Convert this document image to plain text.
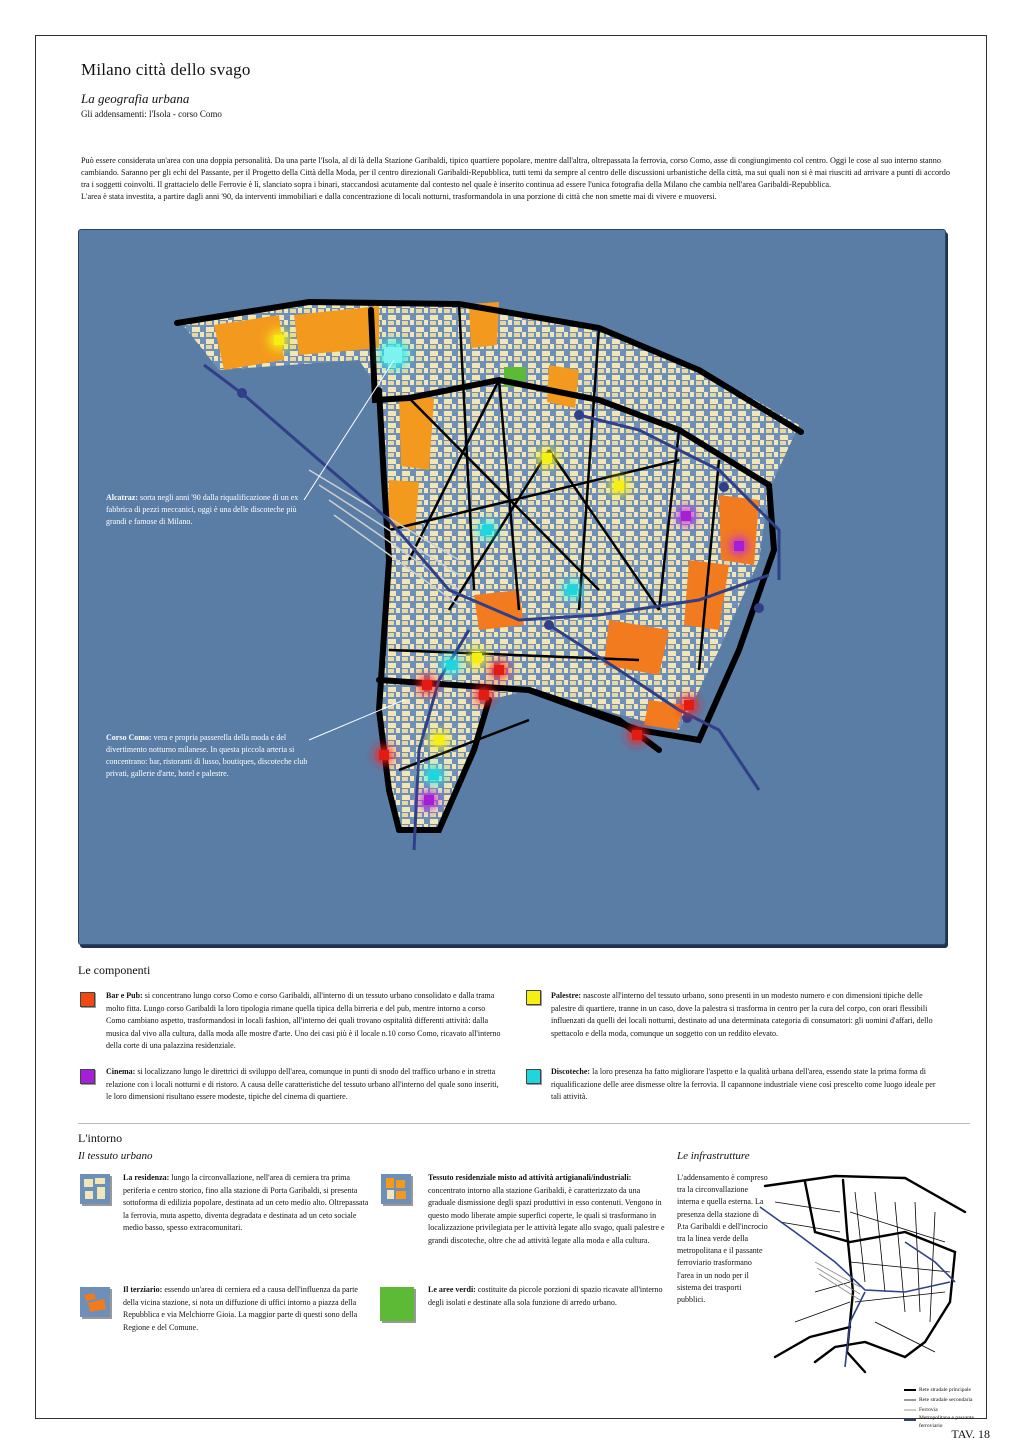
Milano città dello svago
La geografia urbana
Gli addensamenti: l'Isola - corso Como

Può essere considerata un'area con una doppia personalità. Da una parte l'Isola, al di là della Stazione Garibaldi, tipico quartiere popolare, mentre dall'altra, oltrepassata la ferrovia, corso Como, asse di congiungimento col centro. Oggi le cose al suo interno stanno cambiando. Saranno per gli echi del Passante, per il Progetto della Città della Moda, per il centro direzionali Garibaldi-Repubblica, tutti temi da sempre al centro delle discussioni urbanistiche della città, ma sui quali non si è mai riusciti ad arrivare a punti di accordo tra i soggetti coinvolti. Il grattacielo delle Ferrovie è lì, slanciato sopra i binari, staccandosi acutamente dal contesto nel quale è inserito continua ad essere l'unica fotografia della Milano che cambia nell'area Garibaldi-Repubblica.

L'area è stata investita, a partire dagli anni '90, da interventi immobiliari e dalla concentrazione di locali notturni, trasformandola in una porzione di città che non smette mai di vivere e muoversi.

Alcatraz: sorta negli anni '90 dalla riqualificazione di un ex fabbrica di pezzi meccanici, oggi è una delle discoteche più grandi e famose di Milano.
Corso Como: vera e propria passerella della moda e del divertimento notturno milanese. In questa piccola arteria si concentrano: bar, ristoranti di lusso, boutiques, discoteche club privati, gallerie d'arte, hotel e palestre.
Le componenti
Bar e Pub: si concentrano lungo corso Como e corso Garibaldi, all'interno di un tessuto urbano consolidato e dalla trama molto fitta. Lungo corso Garibaldi la loro tipologia rimane quella tipica della birreria e del pub, mentre intorno a corso Como cambiano aspetto, trasformandosi in locali fashion, all'interno dei quali trovano ospitalità differenti attività: dalla musica dal vivo alla cultura, dalla moda alle mostre d'arte. Uno dei casi più è il locale n.10 corso Como, ricavato all'interno della corte di una palazzina residenziale.
Palestre: nascoste all'interno del tessuto urbano, sono presenti in un modesto numero e con dimensioni tipiche delle palestre di quartiere, tranne in un caso, dove la palestra si trasforma in centro per la cura del corpo, con orari flessibili influenzati da quelli dei locali notturni, destinato ad una determinata categoria di consumatori: gli uomini d'affari, dello spettacolo e della moda, comunque un soggetto con un reddito elevato.
Cinema: si localizzano lungo le direttrici di sviluppo dell'area, comunque in punti di snodo del traffico urbano e in stretta relazione con i locali notturni e di ristoro. A causa delle caratteristiche del tessuto urbano all'interno del quale sono inseriti, le loro dimensioni risultano essere modeste, tipiche del cinema di quartiere.
Discoteche: la loro presenza ha fatto migliorare l'aspetto e la qualità urbana dell'area, essendo state la prima forma di riqualificazione delle aree dismesse oltre la ferrovia. Il capannone industriale viene così prescelto come luogo ideale per tali attività.
L'intorno
Il tessuto urbano	Le infrastrutture
La residenza: lungo la circonvallazione, nell'area di cerniera tra prima periferia e centro storico, fino alla stazione di Porta Garibaldi, si presenta sottoforma di edilizia popolare, destinata ad un ceto medio alto. Oltrepassata la ferrovia, muta aspetto, diventa degradata e destinata ad un ceto sociale medio basso, spesso extracomunitari.
Tessuto residenziale misto ad attività artigianali/industriali: concentrato intorno alla stazione Garibaldi, è caratterizzato da una graduale dismissione degli spazi produttivi in esso contenuti. Vengono in questo modo liberate ampie superfici coperte, le quali si trasformano in localizzazione privilegiata per le attività legate allo svago, quali palestre e grandi discoteche, oltre che ad attività legate alla moda e alla cultura.
Il terziario: essendo un'area di cerniera ed a causa dell'influenza da parte della vicina stazione, si nota un diffuzione di uffici intorno a piazza della Repubblica e via Melchiorre Gioia. La maggior parte di questi sono della Regione e del Comune.
Le aree verdi: costituite da piccole porzioni di spazio ricavate all'interno degli isolati e destinate alla sola funzione di arredo urbano.
L'addensamento è compreso tra la circonvallazione interna e quella esterna. La presenza della stazione di P.ta Garibaldi e dell'incrocio tra la linea verde della metropolitana e il passante ferroviario trasformano l'area in un nodo per il sistema dei trasporti pubblici.
Rete stradale principale
Rete stradale secondaria
Ferrovia
Metropolitana e passante ferroviario
TAV. 18
